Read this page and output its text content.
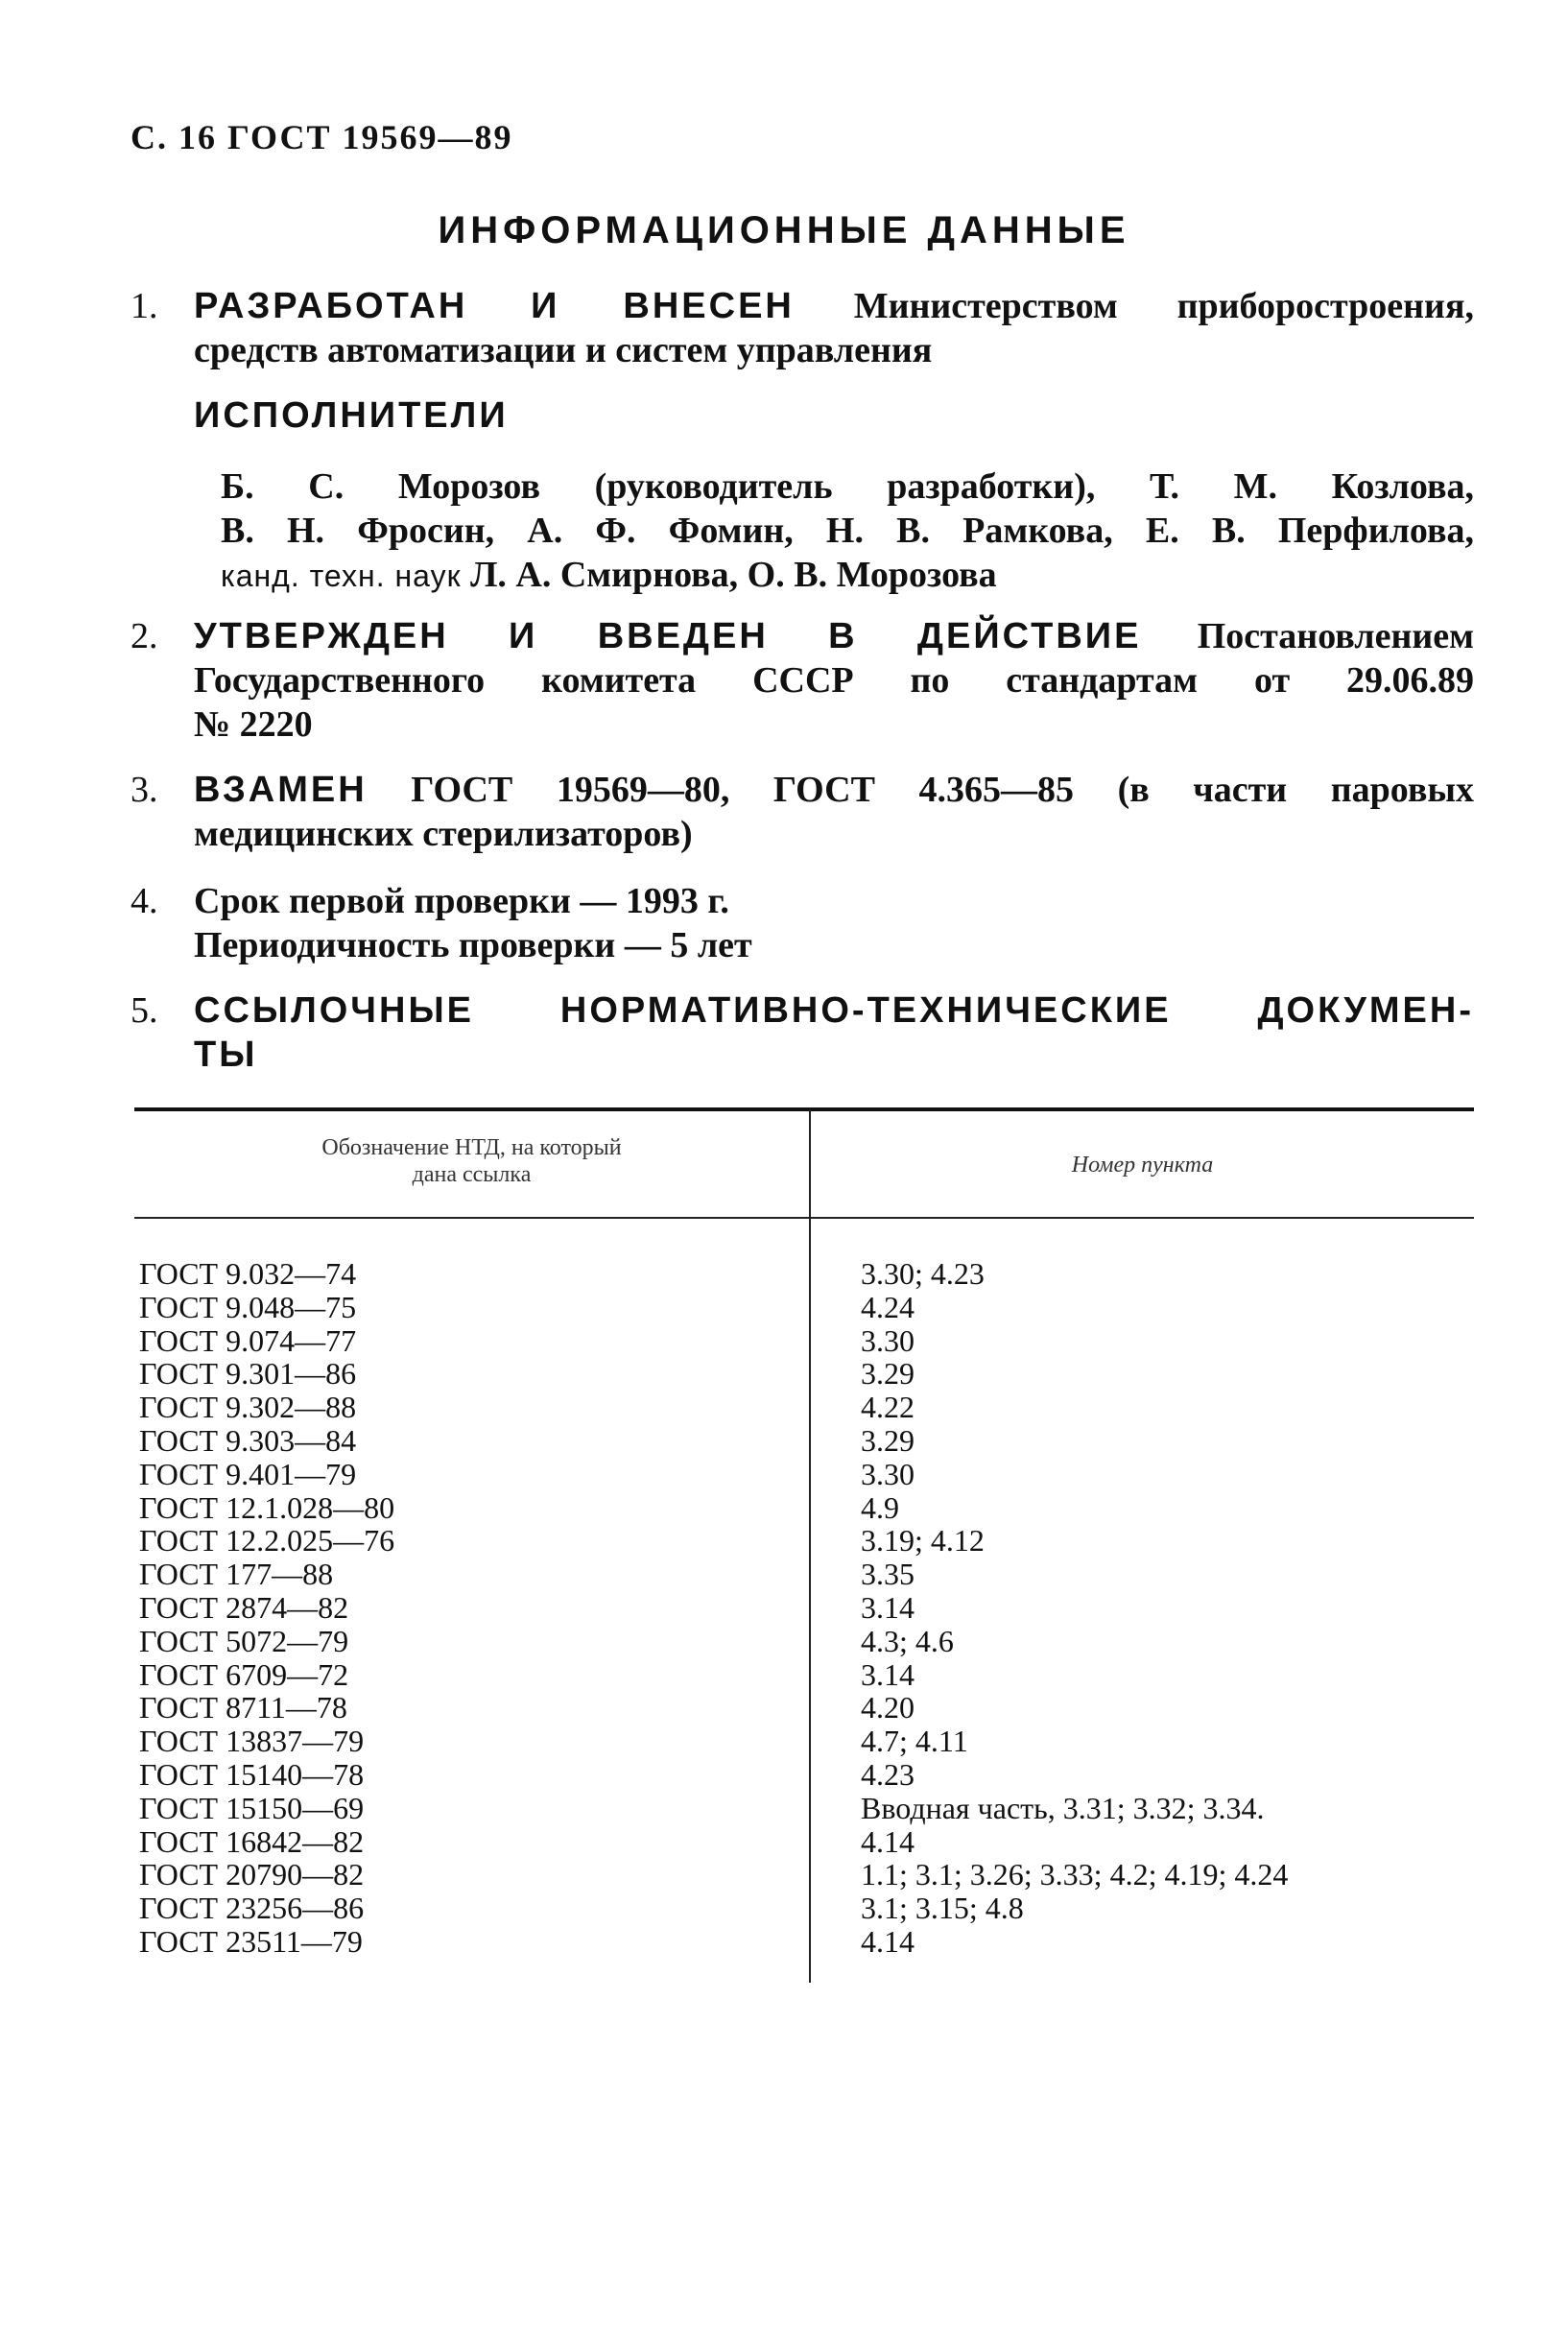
С. 16 ГОСТ 19569—89
ИНФОРМАЦИОННЫЕ ДАННЫЕ
1. РАЗРАБОТАН И ВНЕСЕН Министерством приборостроения,
средств автоматизации и систем управления
ИСПОЛНИТЕЛИ
Б. С. Морозов (руководитель разработки), Т. М. Козлова,
В. Н. Фросин, А. Ф. Фомин, Н. В. Рамкова, Е. В. Перфилова,
канд. техн. наук Л. А. Смирнова, О. В. Морозова
2. УТВЕРЖДЕН И ВВЕДЕН В ДЕЙСТВИЕ Постановлением
Государственного комитета СССР по стандартам от 29.06.89
№ 2220
3. ВЗАМЕН ГОСТ 19569—80, ГОСТ 4.365—85 (в части паровых
медицинских стерилизаторов)
4. Срок первой проверки — 1993 г.
Периодичность проверки — 5 лет
5. ССЫЛОЧНЫЕ НОРМАТИВНО-ТЕХНИЧЕСКИЕ ДОКУМЕН-
ТЫ
Обозначение НТД, на который
дана ссылка	Номер пункта
ГОСТ 9.032—74	3.30; 4.23
ГОСТ 9.048—75	4.24
ГОСТ 9.074—77	3.30
ГОСТ 9.301—86	3.29
ГОСТ 9.302—88	4.22
ГОСТ 9.303—84	3.29
ГОСТ 9.401—79	3.30
ГОСТ 12.1.028—80	4.9
ГОСТ 12.2.025—76	3.19; 4.12
ГОСТ 177—88	3.35
ГОСТ 2874—82	3.14
ГОСТ 5072—79	4.3; 4.6
ГОСТ 6709—72	3.14
ГОСТ 8711—78	4.20
ГОСТ 13837—79	4.7; 4.11
ГОСТ 15140—78	4.23
ГОСТ 15150—69	Вводная часть, 3.31; 3.32; 3.34.
ГОСТ 16842—82	4.14
ГОСТ 20790—82	1.1; 3.1; 3.26; 3.33; 4.2; 4.19; 4.24
ГОСТ 23256—86	3.1; 3.15; 4.8
ГОСТ 23511—79	4.14
